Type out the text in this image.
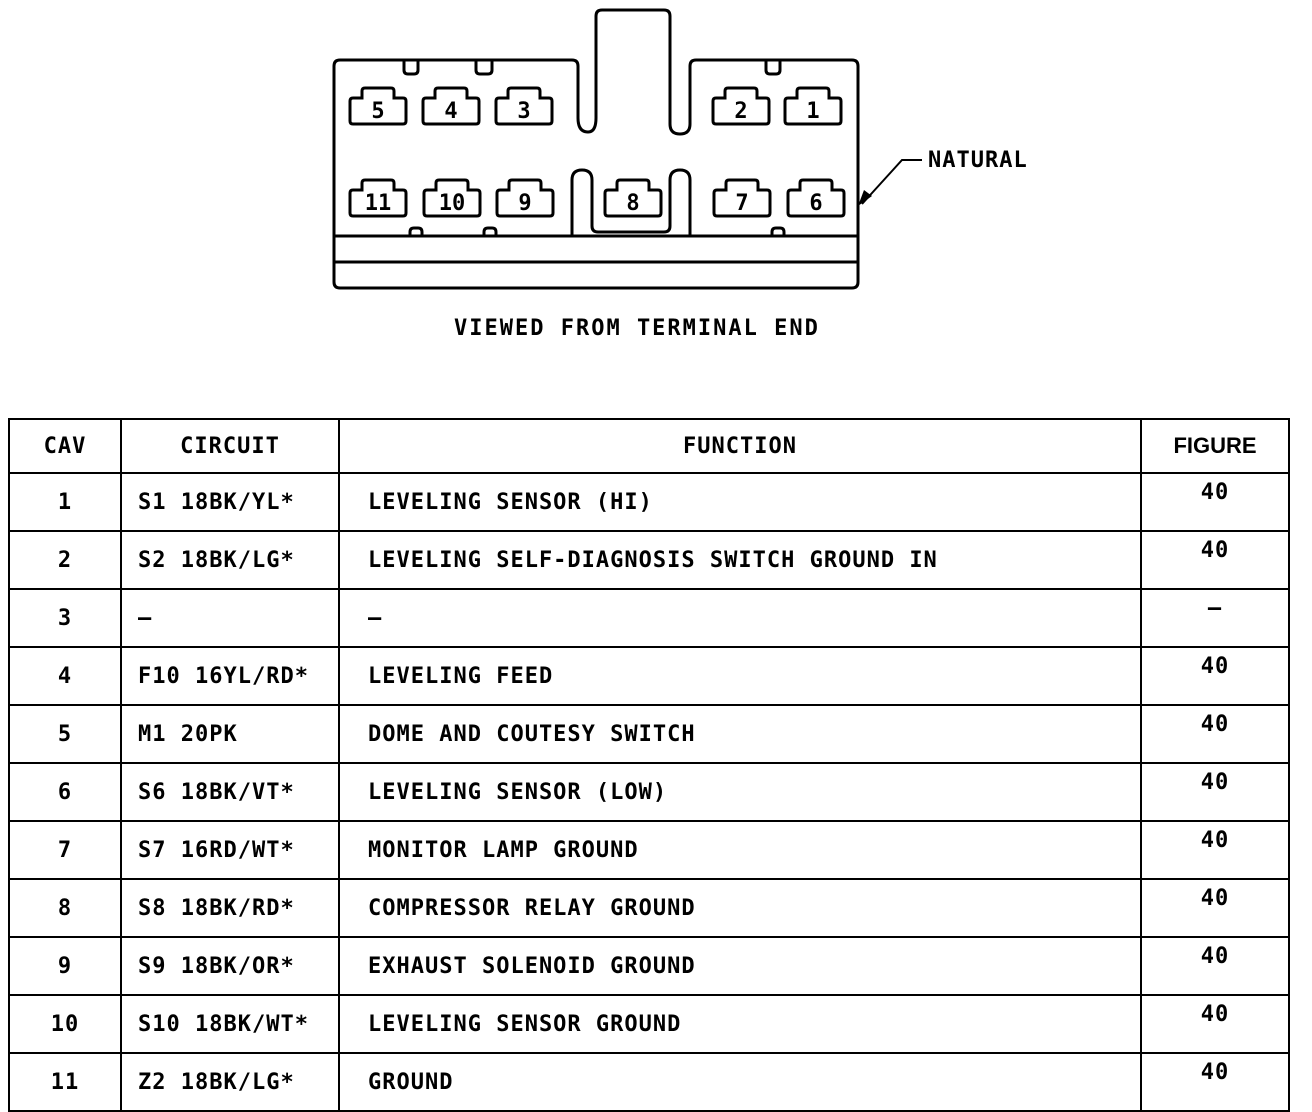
5	4	3	2	1
11 10 9	8	7	6
NATURAL
VIEWED FROM TERMINAL END
CAV	CIRCUIT	FUNCTION	FIGURE
1	S1 18BK/YL*	LEVELING SENSOR (HI)	40
2	S2 18BK/LG*	LEVELING SELF-DIAGNOSIS SWITCH GROUND IN	40
3	—	—	—
4	F10 16YL/RD*	LEVELING FEED	40
5	M1 20PK	DOME AND COUTESY SWITCH	40
6	S6 18BK/VT*	LEVELING SENSOR (LOW)	40
7	S7 16RD/WT*	MONITOR LAMP GROUND	40
8	S8 18BK/RD*	COMPRESSOR RELAY GROUND	40
9	S9 18BK/OR*	EXHAUST SOLENOID GROUND	40
10	S10 18BK/WT*	LEVELING SENSOR GROUND	40
11	Z2 18BK/LG*	GROUND	40
